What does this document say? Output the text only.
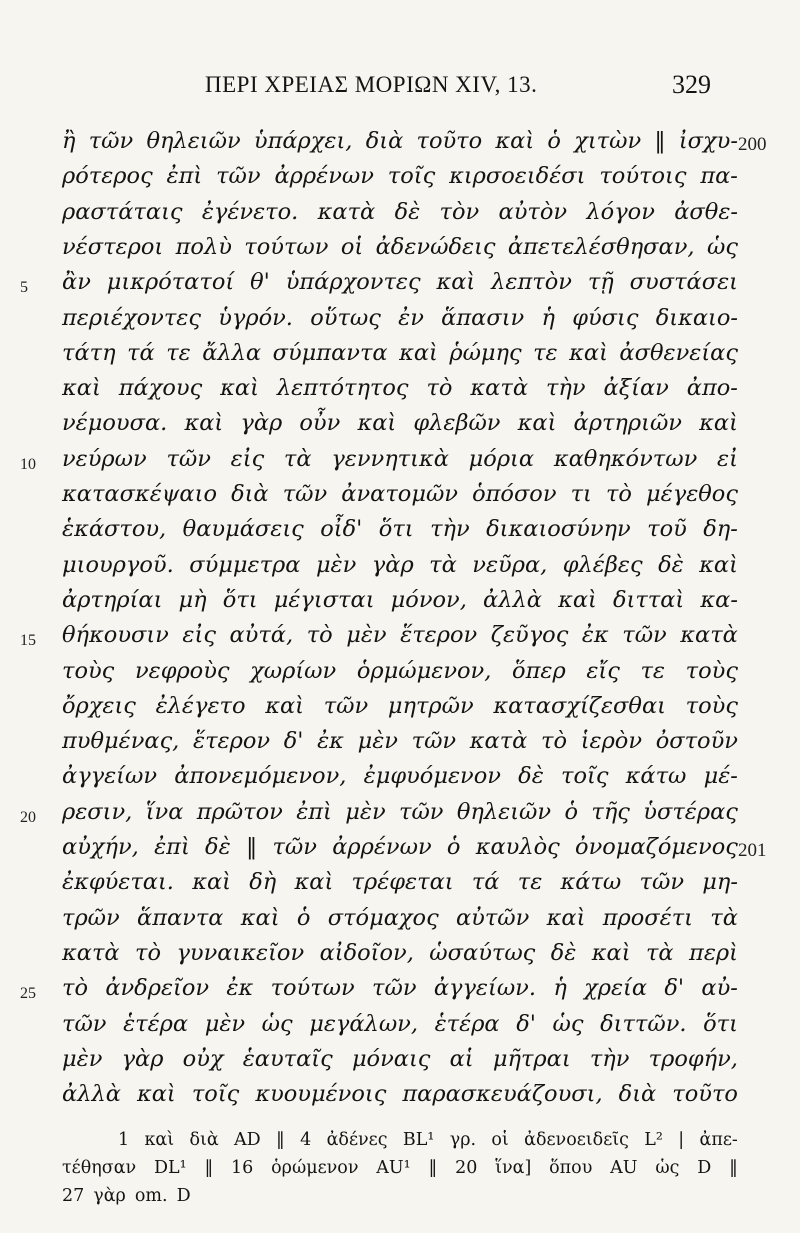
ΠΕΡΙ ΧΡΕΙΑΣ ΜΟΡΙΩΝ XIV, 13.	329
ἢ τῶν θηλειῶν ὑπάρχει, διὰ τοῦτο καὶ ὁ χιτὼν ‖ ἰσχυ-
ρότερος ἐπὶ τῶν ἀρρένων τοῖς κιρσοειδέσι τούτοις πα-
ραστάταις ἐγένετο. κατὰ δὲ τὸν αὐτὸν λόγον ἀσθε-
νέστεροι πολὺ τούτων οἱ ἀδενώδεις ἀπετελέσθησαν, ὡς
ἂν μικρότατοί θ' ὑπάρχοντες καὶ λεπτὸν τῇ συστάσει
περιέχοντες ὑγρόν. οὕτως ἐν ἅπασιν ἡ φύσις δικαιο-
τάτη τά τε ἄλλα σύμπαντα καὶ ῥώμης τε καὶ ἀσθενείας
καὶ πάχους καὶ λεπτότητος τὸ κατὰ τὴν ἀξίαν ἀπο-
νέμουσα. καὶ γὰρ οὖν καὶ φλεβῶν καὶ ἀρτηριῶν καὶ
νεύρων τῶν εἰς τὰ γεννητικὰ μόρια καθηκόντων εἰ
κατασκέψαιο διὰ τῶν ἀνατομῶν ὁπόσον τι τὸ μέγεθος
ἑκάστου, θαυμάσεις οἶδ' ὅτι τὴν δικαιοσύνην τοῦ δη-
μιουργοῦ. σύμμετρα μὲν γὰρ τὰ νεῦρα, φλέβες δὲ καὶ
ἀρτηρίαι μὴ ὅτι μέγισται μόνον, ἀλλὰ καὶ διτταὶ κα-
θήκουσιν εἰς αὐτά, τὸ μὲν ἕτερον ζεῦγος ἐκ τῶν κατὰ
τοὺς νεφροὺς χωρίων ὁρμώμενον, ὅπερ εἴς τε τοὺς
ὄρχεις ἐλέγετο καὶ τῶν μητρῶν κατασχίζεσθαι τοὺς
πυθμένας, ἕτερον δ' ἐκ μὲν τῶν κατὰ τὸ ἱερὸν ὀστοῦν
ἀγγείων ἀπονεμόμενον, ἐμφυόμενον δὲ τοῖς κάτω μέ-
ρεσιν, ἵνα πρῶτον ἐπὶ μὲν τῶν θηλειῶν ὁ τῆς ὑστέρας
αὐχήν, ἐπὶ δὲ ‖ τῶν ἀρρένων ὁ καυλὸς ὀνομαζόμενος
ἐκφύεται. καὶ δὴ καὶ τρέφεται τά τε κάτω τῶν μη-
τρῶν ἅπαντα καὶ ὁ στόμαχος αὐτῶν καὶ προσέτι τὰ
κατὰ τὸ γυναικεῖον αἰδοῖον, ὡσαύτως δὲ καὶ τὰ περὶ
τὸ ἀνδρεῖον ἐκ τούτων τῶν ἀγγείων. ἡ χρεία δ' αὐ-
τῶν ἑτέρα μὲν ὡς μεγάλων, ἑτέρα δ' ὡς διττῶν. ὅτι
μὲν γὰρ οὐχ ἑαυταῖς μόναις αἱ μῆτραι τὴν τροφήν,
ἀλλὰ καὶ τοῖς κυουμένοις παρασκευάζουσι, διὰ τοῦτο
5
10
15
20
25
200
201
1 καὶ διὰ AD ‖ 4 ἀδένες BL¹ γρ. οἱ ἀδενοειδεῖς L² | ἀπε-
τέθησαν DL¹ ‖ 16 ὁρώμενον AU¹ ‖ 20 ἵνα] ὅπου AU ὡς D ‖
27 γὰρ om. D
